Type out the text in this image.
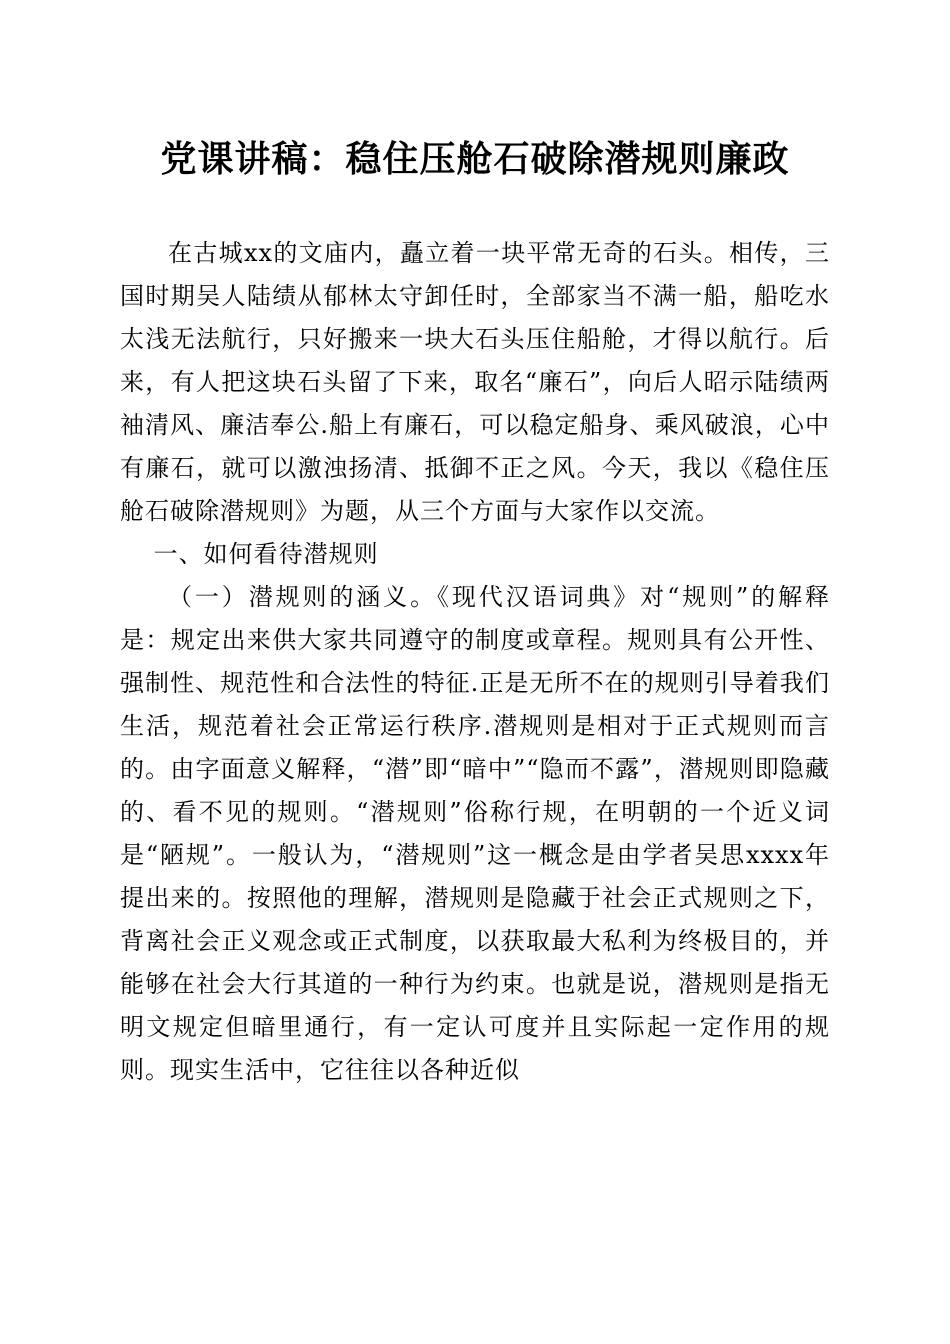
党课讲稿：稳住压舱石破除潜规则廉政

在古城xx的文庙内，矗立着一块平常无奇的石头。相传，三国时期吴人陆绩从郁林太守卸任时，全部家当不满一船，船吃水太浅无法航行，只好搬来一块大石头压住船舱，才得以航行。后来，有人把这块石头留了下来，取名“廉石”，向后人昭示陆绩两袖清风、廉洁奉公.船上有廉石，可以稳定船身、乘风破浪，心中有廉石，就可以激浊扬清、抵御不正之风。今天，我以《稳住压舱石破除潜规则》为题，从三个方面与大家作以交流。

一、如何看待潜规则

（一）潜规则的涵义。《现代汉语词典》对“规则”的解释是：规定出来供大家共同遵守的制度或章程。规则具有公开性、强制性、规范性和合法性的特征.正是无所不在的规则引导着我们生活，规范着社会正常运行秩序.潜规则是相对于正式规则而言的。由字面意义解释，“潜”即“暗中”“隐而不露”，潜规则即隐藏的、看不见的规则。“潜规则”俗称行规，在明朝的一个近义词是“陋规”。一般认为，“潜规则”这一概念是由学者吴思xxxx年提出来的。按照他的理解，潜规则是隐藏于社会正式规则之下，背离社会正义观念或正式制度，以获取最大私利为终极目的，并能够在社会大行其道的一种行为约束。也就是说，潜规则是指无明文规定但暗里通行，有一定认可度并且实际起一定作用的规则。现实生活中，它往往以各种近似
